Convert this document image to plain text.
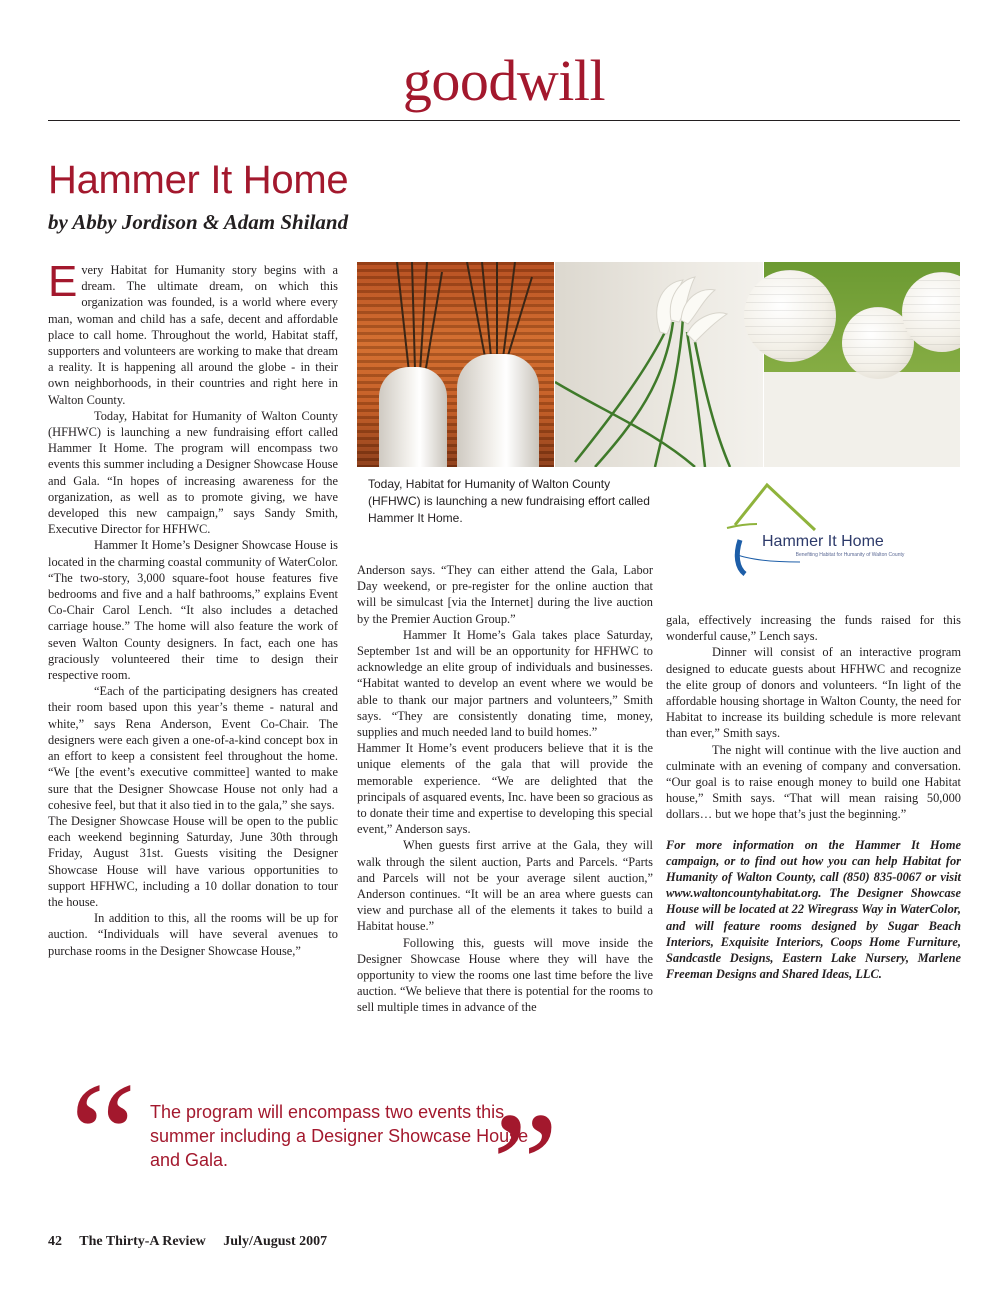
goodwill
Hammer It Home
by Abby Jordison & Adam Shiland

Every Habitat for Humanity story begins with a dream. The ultimate dream, on which this organization was founded, is a world where every man, woman and child has a safe, decent and affordable place to call home. Throughout the world, Habitat staff, supporters and volunteers are working to make that dream a reality. It is happening all around the globe - in their own neighborhoods, in their countries and right here in Walton County.

Today, Habitat for Humanity of Walton County (HFHWC) is launching a new fundraising effort called Hammer It Home. The program will encompass two events this summer including a Designer Showcase House and Gala. “In hopes of increasing awareness for the organization, as well as to promote giving, we have developed this new campaign,” says Sandy Smith, Executive Director for HFHWC.

Hammer It Home’s Designer Showcase House is located in the charming coastal community of WaterColor. “The two-story, 3,000 square-foot house features five bedrooms and five and a half bathrooms,” explains Event Co-Chair Carol Lench. “It also includes a detached carriage house.” The home will also feature the work of seven Walton County designers. In fact, each one has graciously volunteered their time to design their respective room.

“Each of the participating designers has created their room based upon this year’s theme - natural and white,” says Rena Anderson, Event Co-Chair. The designers were each given a one-of-a-kind concept box in an effort to keep a consistent feel throughout the home. “We [the event’s executive committee] wanted to make sure that the Designer Showcase House not only had a cohesive feel, but that it also tied in to the gala,” she says.

The Designer Showcase House will be open to the public each weekend beginning Saturday, June 30th through Friday, August 31st. Guests visiting the Designer Showcase House will have various opportunities to support HFHWC, including a 10 dollar donation to tour the house.

In addition to this, all the rooms will be up for auction. “Individuals will have several avenues to purchase rooms in the Designer Showcase House,”

Today, Habitat for Humanity of Walton County (HFHWC) is launching a new fundraising effort called Hammer It Home.
Hammer It Home
Benefiting Habitat for Humanity of Walton County

Anderson says. “They can either attend the Gala, Labor Day weekend, or pre-register for the online auction that will be simulcast [via the Internet] during the live auction by the Premier Auction Group.”

Hammer It Home’s Gala takes place Saturday, September 1st and will be an opportunity for HFHWC to acknowledge an elite group of individuals and businesses. “Habitat wanted to develop an event where we would be able to thank our major partners and volunteers,” Smith says. “They are consistently donating time, money, supplies and much needed land to build homes.”

Hammer It Home’s event producers believe that it is the unique elements of the gala that will provide the memorable experience. “We are delighted that the principals of asquared events, Inc. have been so gracious as to donate their time and expertise to developing this special event,” Anderson says.

When guests first arrive at the Gala, they will walk through the silent auction, Parts and Parcels. “Parts and Parcels will not be your average silent auction,” Anderson continues. “It will be an area where guests can view and purchase all of the elements it takes to build a Habitat house.”

Following this, guests will move inside the Designer Showcase House where they will have the opportunity to view the rooms one last time before the live auction. “We believe that there is potential for the rooms to sell multiple times in advance of the

gala, effectively increasing the funds raised for this wonderful cause,” Lench says.

Dinner will consist of an interactive program designed to educate guests about HFHWC and recognize the elite group of donors and volunteers. “In light of the affordable housing shortage in Walton County, the need for Habitat to increase its building schedule is more relevant than ever,” Smith says.

The night will continue with the live auction and culminate with an evening of company and conversation. “Our goal is to raise enough money to build one Habitat house,” Smith says. “That will mean raising 50,000 dollars… but we hope that’s just the beginning.”

For more information on the Hammer It Home campaign, or to find out how you can help Habitat for Humanity of Walton County, call (850) 835-0067 or visit www.waltoncountyhabitat.org. The Designer Showcase House will be located at 22 Wiregrass Way in WaterColor, and will feature rooms designed by Sugar Beach Interiors, Exquisite Interiors, Coops Home Furniture, Sandcastle Designs, Eastern Lake Nursery, Marlene Freeman Designs and Shared Ideas, LLC.

“ The program will encompass two events this summer including a Designer Showcase House and Gala.	”
42 The Thirty-A Review July/August 2007
